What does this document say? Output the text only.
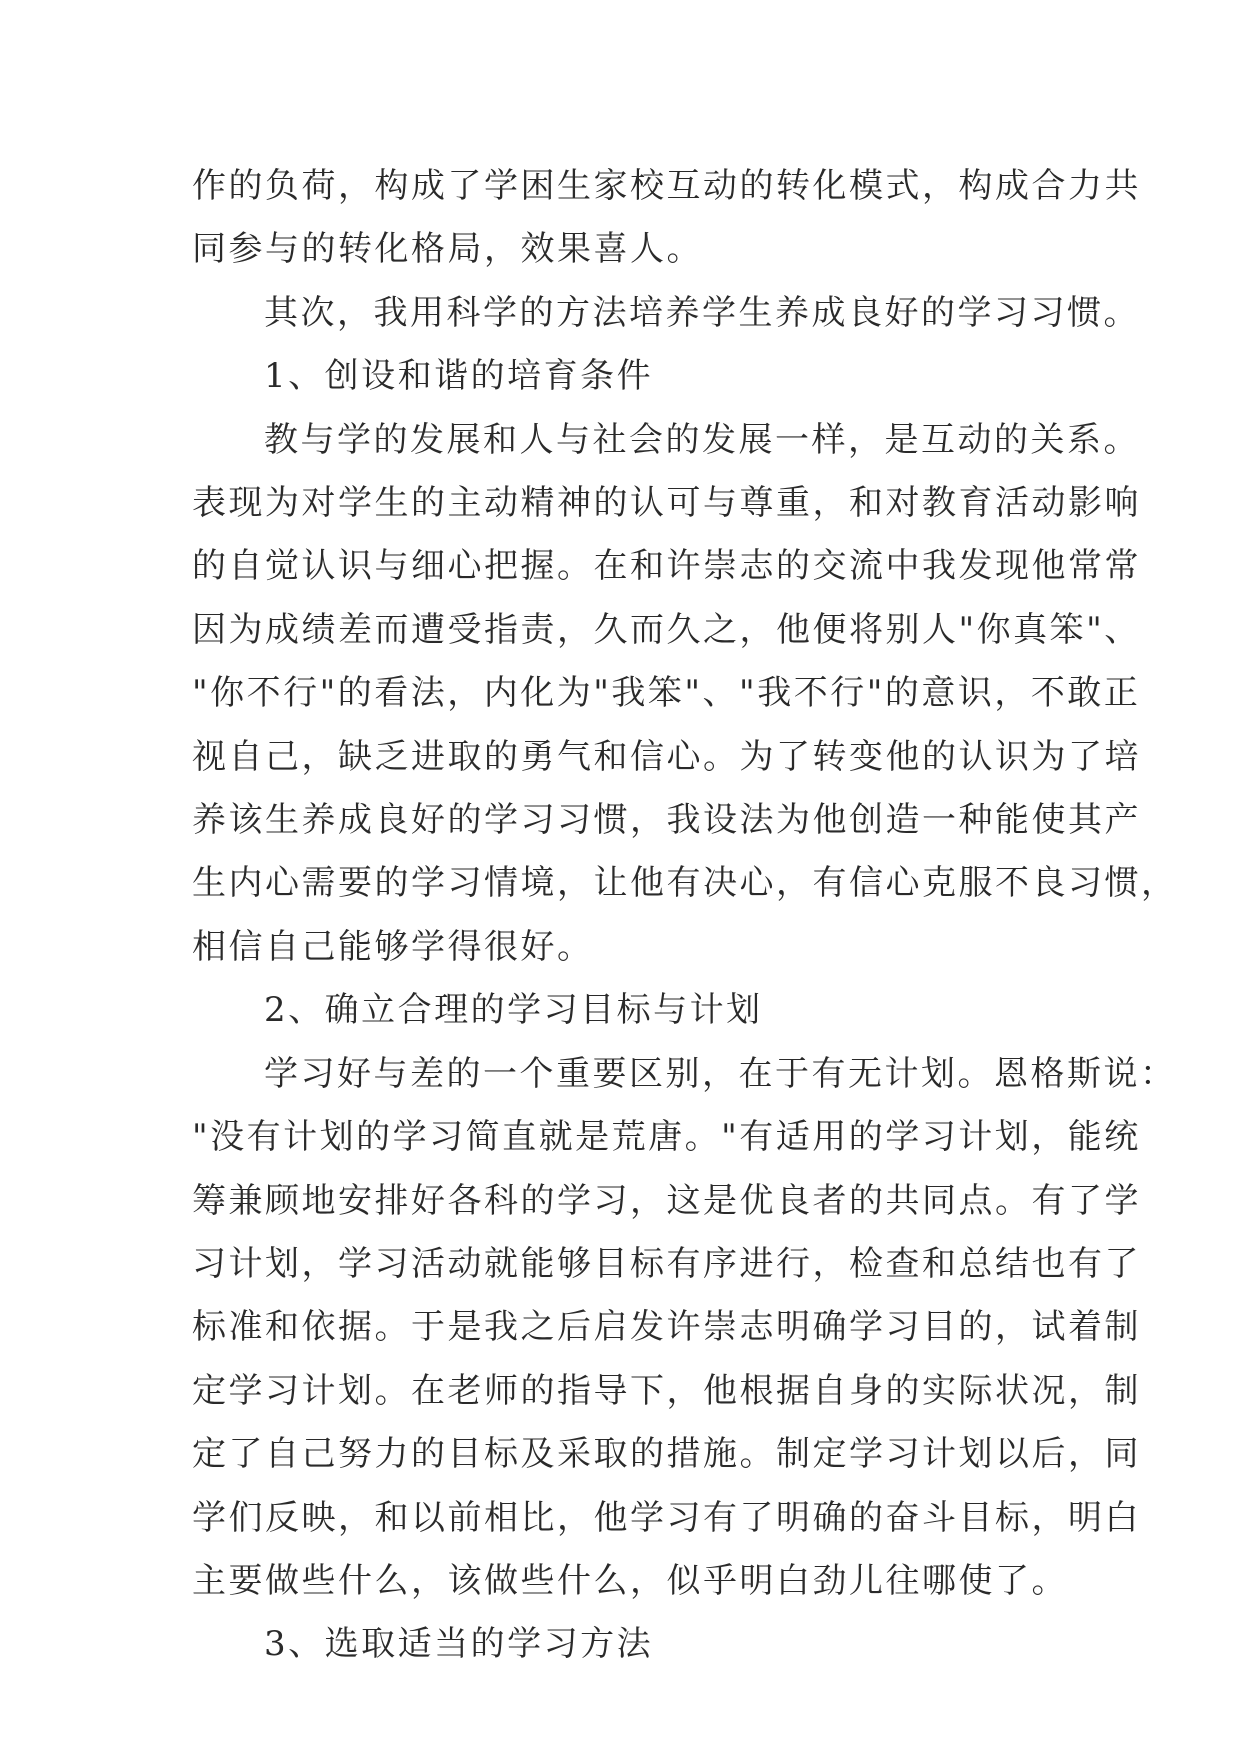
作的负荷，构成了学困生家校互动的转化模式，构成合力共
同参与的转化格局，效果喜人。

其次，我用科学的方法培养学生养成良好的学习习惯。

1、创设和谐的培育条件

教与学的发展和人与社会的发展一样，是互动的关系。
表现为对学生的主动精神的认可与尊重，和对教育活动影响
的自觉认识与细心把握。在和许崇志的交流中我发现他常常
因为成绩差而遭受指责，久而久之，他便将别人"你真笨"、
"你不行"的看法，内化为"我笨"、"我不行"的意识，不敢正
视自己，缺乏进取的勇气和信心。为了转变他的认识为了培
养该生养成良好的学习习惯，我设法为他创造一种能使其产
生内心需要的学习情境，让他有决心，有信心克服不良习惯，
相信自己能够学得很好。

2、确立合理的学习目标与计划

学习好与差的一个重要区别，在于有无计划。恩格斯说：
"没有计划的学习简直就是荒唐。"有适用的学习计划，能统
筹兼顾地安排好各科的学习，这是优良者的共同点。有了学
习计划，学习活动就能够目标有序进行，检查和总结也有了
标准和依据。于是我之后启发许崇志明确学习目的，试着制
定学习计划。在老师的指导下，他根据自身的实际状况，制
定了自己努力的目标及采取的措施。制定学习计划以后，同
学们反映，和以前相比，他学习有了明确的奋斗目标，明白
主要做些什么，该做些什么，似乎明白劲儿往哪使了。

3、选取适当的学习方法
